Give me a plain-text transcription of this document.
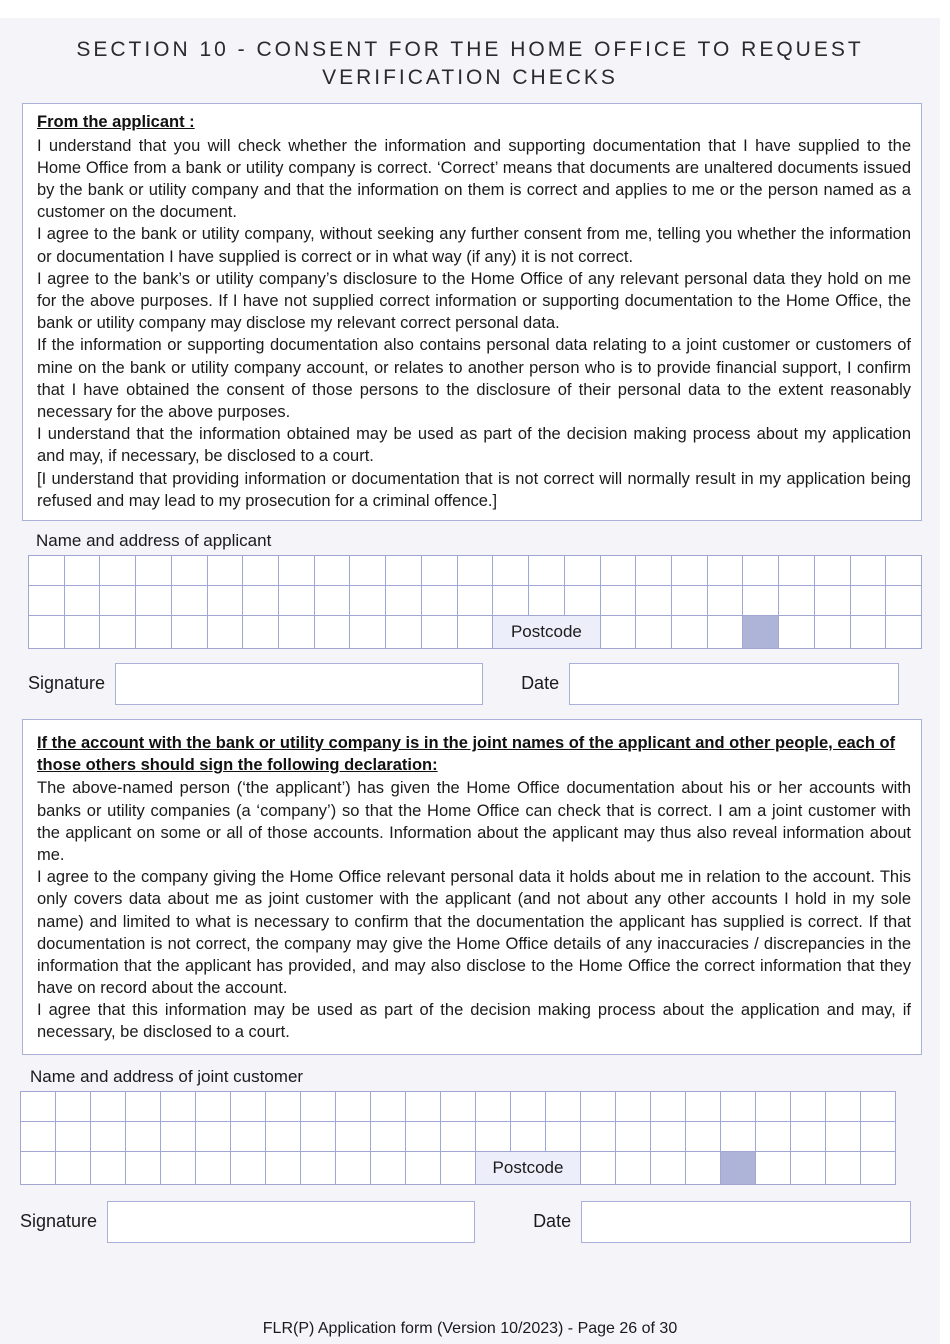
SECTION 10 - CONSENT FOR THE HOME OFFICE TO REQUEST VERIFICATION CHECKS
From the applicant :

I understand that you will check whether the information and supporting documentation that I have supplied to the Home Office from a bank or utility company is correct. ‘Correct’ means that documents are unaltered documents issued by the bank or utility company and that the information on them is correct and applies to me or the person named as a customer on the document.

I agree to the bank or utility company, without seeking any further consent from me, telling you whether the information or documentation I have supplied is correct or in what way (if any) it is not correct.

I agree to the bank’s or utility company’s disclosure to the Home Office of any relevant personal data they hold on me for the above purposes. If I have not supplied correct information or supporting documentation to the Home Office, the bank or utility company may disclose my relevant correct personal data.

If the information or supporting documentation also contains personal data relating to a joint customer or customers of mine on the bank or utility company account, or relates to another person who is to provide financial support, I confirm that I have obtained the consent of those persons to the disclosure of their personal data to the extent reasonably necessary for the above purposes.

I understand that the information obtained may be used as part of the decision making process about my application and may, if necessary, be disclosed to a court.

[I understand that providing information or documentation that is not correct will normally result in my application being refused and may lead to my prosecution for a criminal offence.]

Name and address of applicant

													Postcode											
Signature	Date
If the account with the bank or utility company is in the joint names of the applicant and other people, each of those others should sign the following declaration:

The above-named person (‘the applicant’) has given the Home Office documentation about his or her accounts with banks or utility companies (a ‘company’) so that the Home Office can check that is correct. I am a joint customer with the applicant on some or all of those accounts. Information about the applicant may thus also reveal information about me.

I agree to the company giving the Home Office relevant personal data it holds about me in relation to the account. This only covers data about me as joint customer with the applicant (and not about any other accounts I hold in my sole name) and limited to what is necessary to confirm that the documentation the applicant has supplied is correct. If that documentation is not correct, the company may give the Home Office details of any inaccuracies / discrepancies in the information that the applicant has provided, and may also disclose to the Home Office the correct information that they have on record about the account.

I agree that this information may be used as part of the decision making process about the application and may, if necessary, be disclosed to a court.

Name and address of joint customer

													Postcode											
Signature	Date
FLR(P) Application form (Version 10/2023) - Page 26 of 30
